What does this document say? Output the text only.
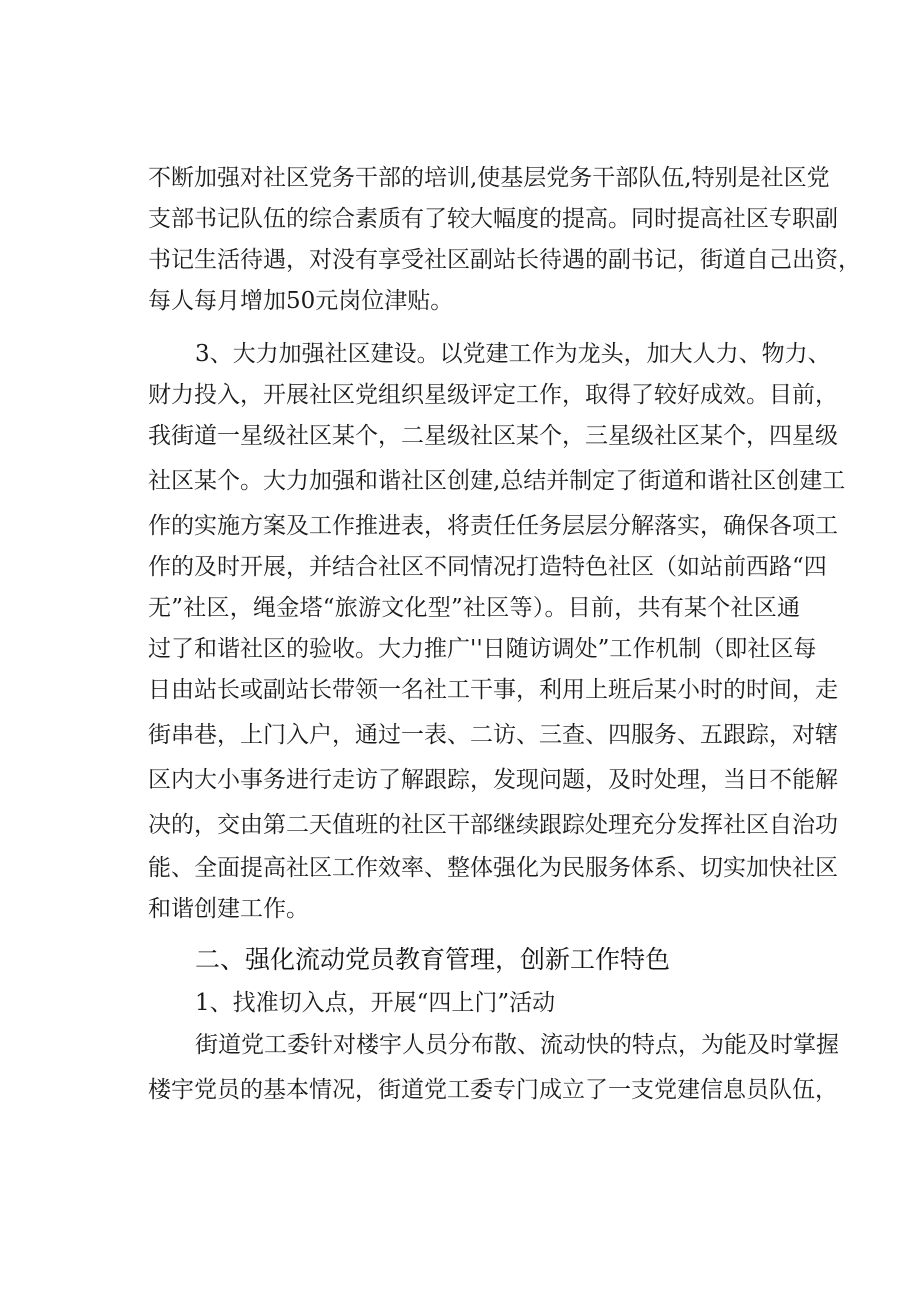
不断加强对社区党务干部的培训,使基层党务干部队伍,特别是社区党
支部书记队伍的综合素质有了较大幅度的提高。同时提高社区专职副
书记生活待遇，对没有享受社区副站长待遇的副书记，街道自己出资，
每人每月增加50元岗位津贴。
3、大力加强社区建设。以党建工作为龙头，加大人力、物力、
财力投入，开展社区党组织星级评定工作，取得了较好成效。目前，
我街道一星级社区某个，二星级社区某个，三星级社区某个，四星级
社区某个。大力加强和谐社区创建,总结并制定了街道和谐社区创建工
作的实施方案及工作推进表，将责任任务层层分解落实，确保各项工
作的及时开展，并结合社区不同情况打造特色社区（如站前西路“四
无”社区，绳金塔“旅游文化型”社区等）。目前，共有某个社区通
过了和谐社区的验收。大力推广''日随访调处”工作机制（即社区每
日由站长或副站长带领一名社工干事，利用上班后某小时的时间，走
街串巷，上门入户，通过一表、二访、三查、四服务、五跟踪，对辖
区内大小事务进行走访了解跟踪，发现问题，及时处理，当日不能解
决的，交由第二天值班的社区干部继续跟踪处理充分发挥社区自治功
能、全面提高社区工作效率、整体强化为民服务体系、切实加快社区
和谐创建工作。
二、强化流动党员教育管理，创新工作特色
1、找准切入点，开展“四上门”活动
街道党工委针对楼宇人员分布散、流动快的特点，为能及时掌握
楼宇党员的基本情况，街道党工委专门成立了一支党建信息员队伍，
